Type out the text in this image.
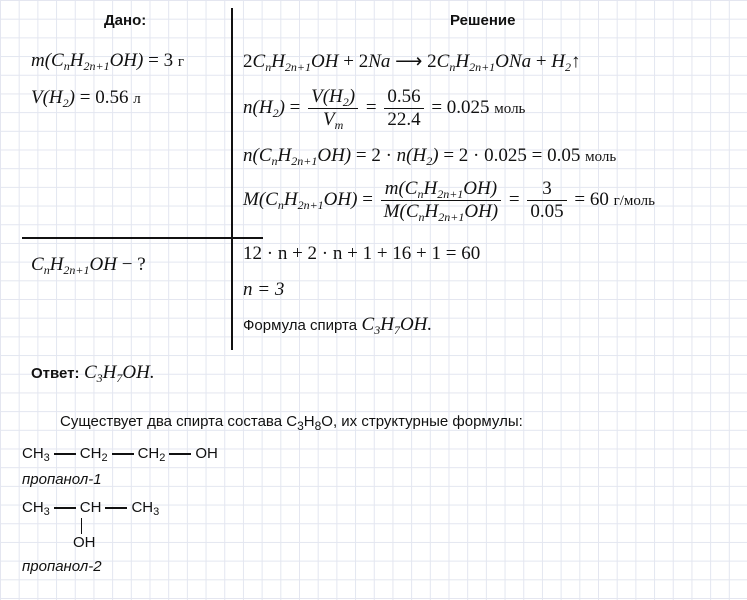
Дано:	Решение
$m(C_nH_{2n+1}OH) = 3$ г
$V(H_2) = 0.56$ л
$C_nH_{2n+1}OH$ − ?
$2C_nH_{2n+1}OH + 2Na$ ⟶ $2C_nH_{2n+1}ONa$ + $H_2↑$
$n(H_2) = \frac{V(H_2)}{V_m} = \frac{0.56}{22.4} = 0.025$ моль
$n(C_nH_{2n+1}OH) = 2 \cdot n(H_2) = 2 \cdot 0.025 = 0.05$ моль
$M(C_nH_{2n+1}OH) = \frac{m(C_nH_{2n+1}OH)}{M(C_nH_{2n+1}OH)} = \frac{3}{0.05} = 60$ г/моль
12 · n + 2 · n + 1 + 16 + 1 = 60
n = 3
Формула спирта $C_3H_7OH$.
Ответ: $C_3H_7OH$.
Существует два спирта состава $C_3H_8O$, их структурные формулы:
$CH_3$ $CH_2$ $CH_2$ OH
пропанол-1
$CH_3$ CH $CH_3$
OH
пропанол-2
